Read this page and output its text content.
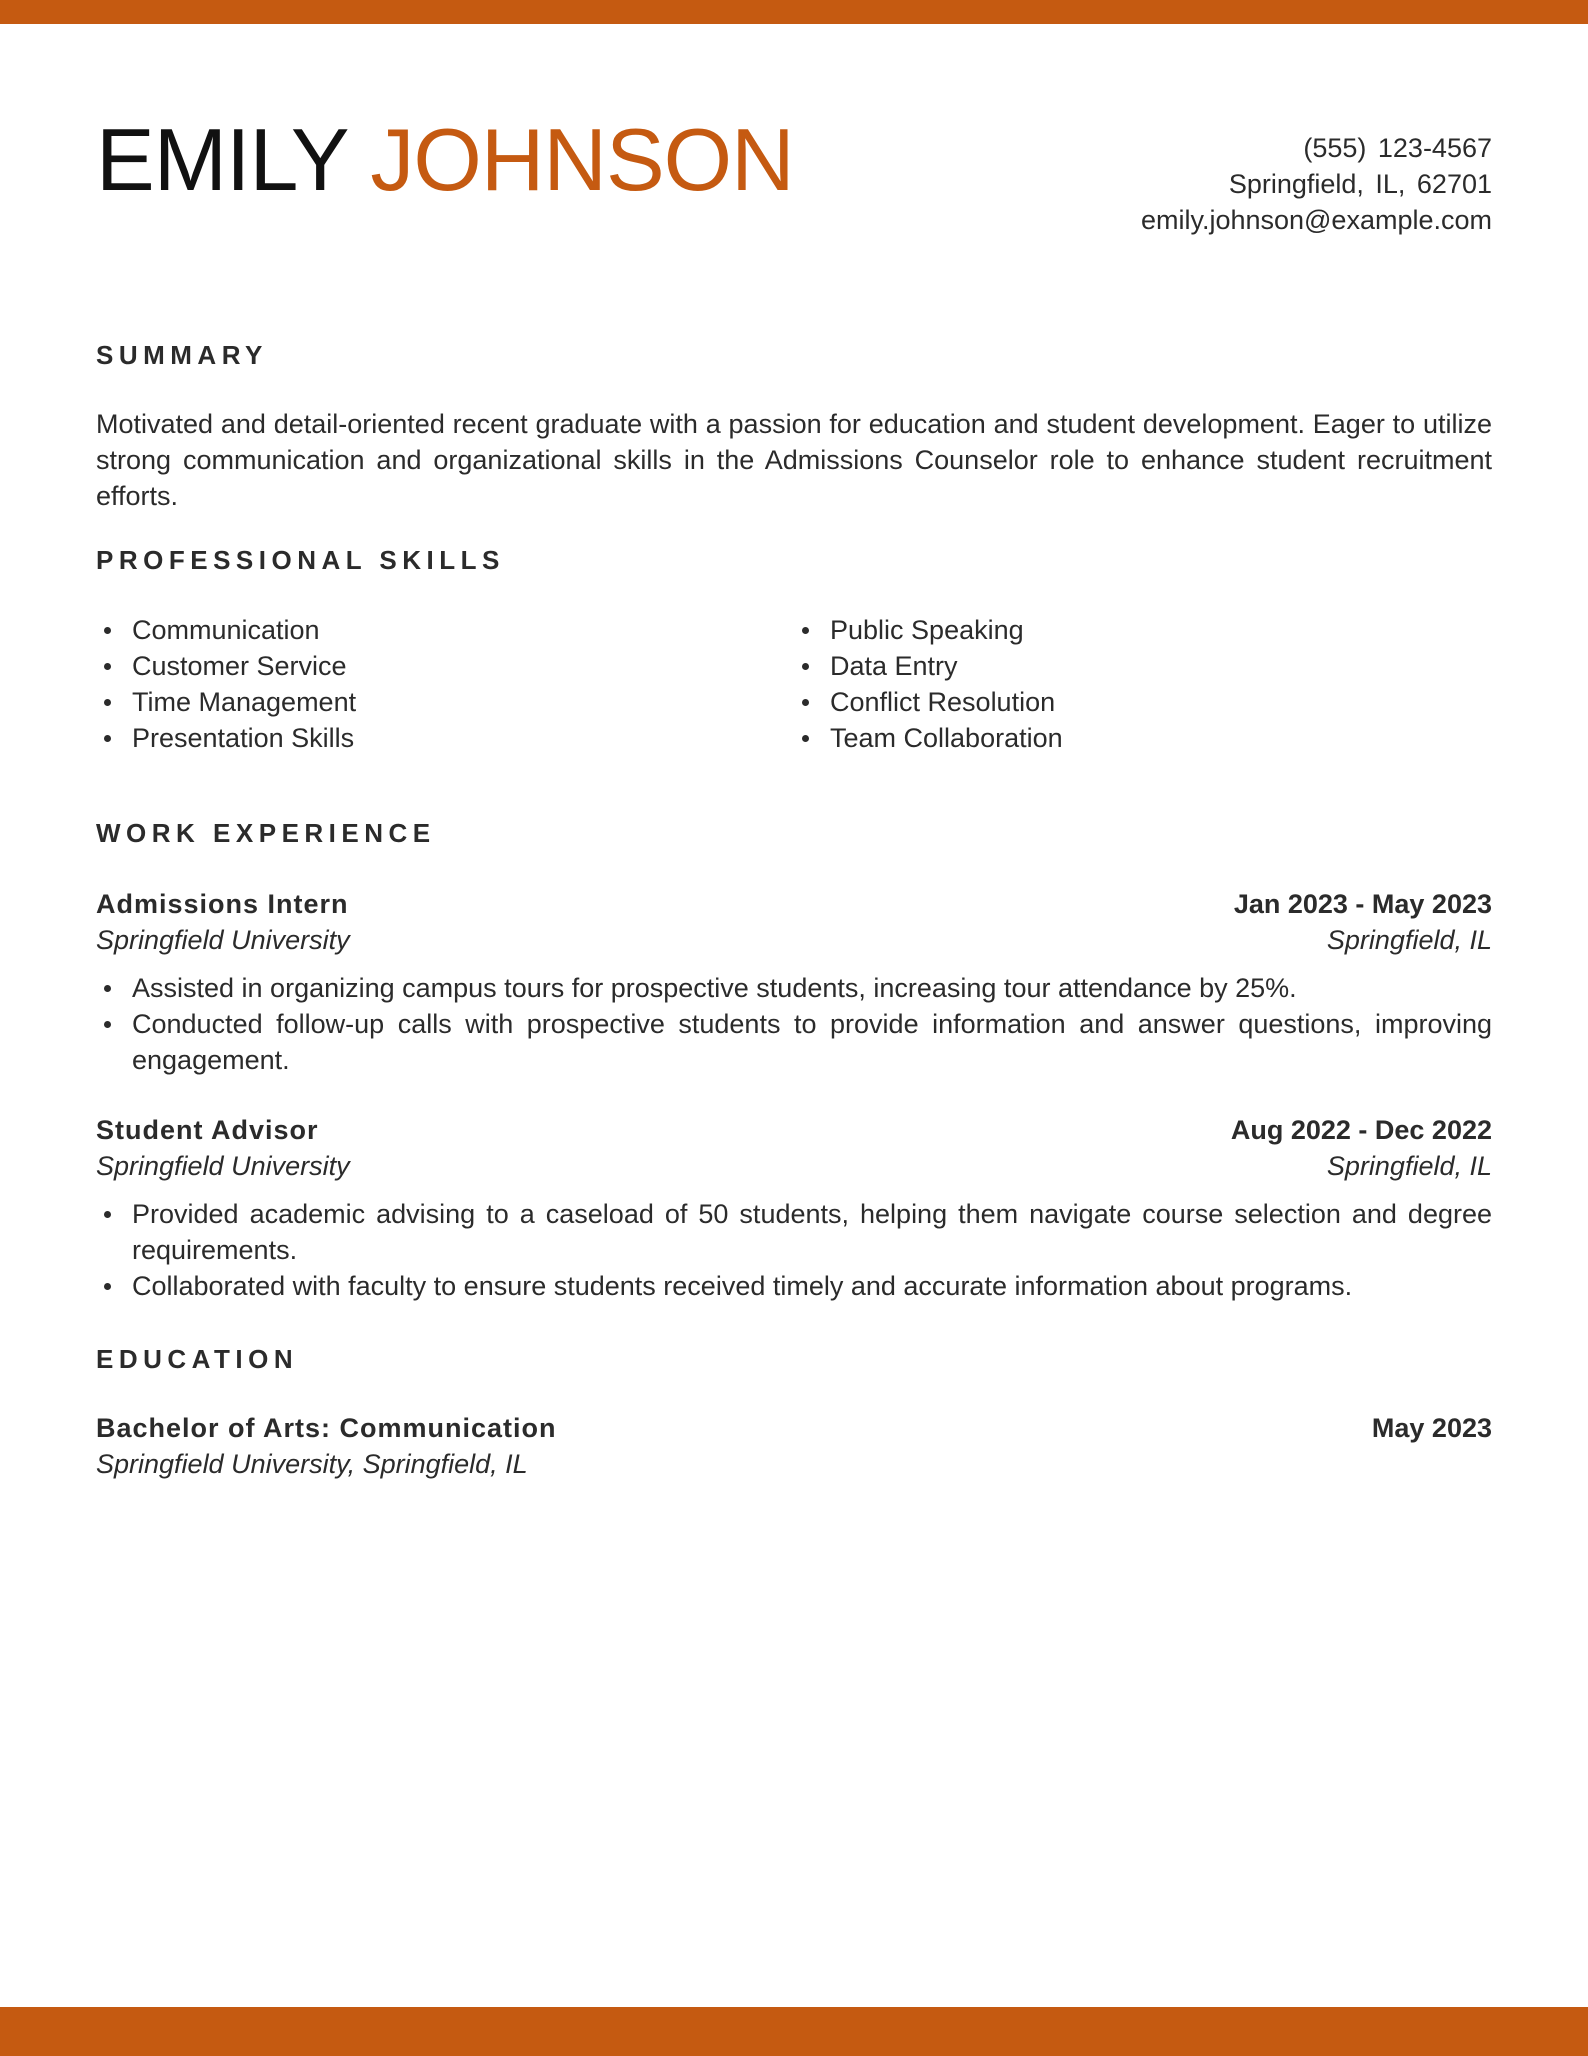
EMILY JOHNSON	(555) 123-4567
Springfield, IL, 62701
emily.johnson@example.com
SUMMARY
Motivated and detail-oriented recent graduate with a passion for education and student development. Eager to utilize strong communication and organizational skills in the Admissions Counselor role to enhance student recruitment efforts.
PROFESSIONAL SKILLS
Communication
Customer Service
Time Management
Presentation Skills
Public Speaking
Data Entry
Conflict Resolution
Team Collaboration
WORK EXPERIENCE
Admissions Intern	Jan 2023 - May 2023
Springfield University	Springfield, IL
Assisted in organizing campus tours for prospective students, increasing tour attendance by 25%.
Conducted follow-up calls with prospective students to provide information and answer questions, improving engagement.
Student Advisor	Aug 2022 - Dec 2022
Springfield University	Springfield, IL
Provided academic advising to a caseload of 50 students, helping them navigate course selection and degree requirements.
Collaborated with faculty to ensure students received timely and accurate information about programs.
EDUCATION
Bachelor of Arts: Communication	May 2023
Springfield University, Springfield, IL
